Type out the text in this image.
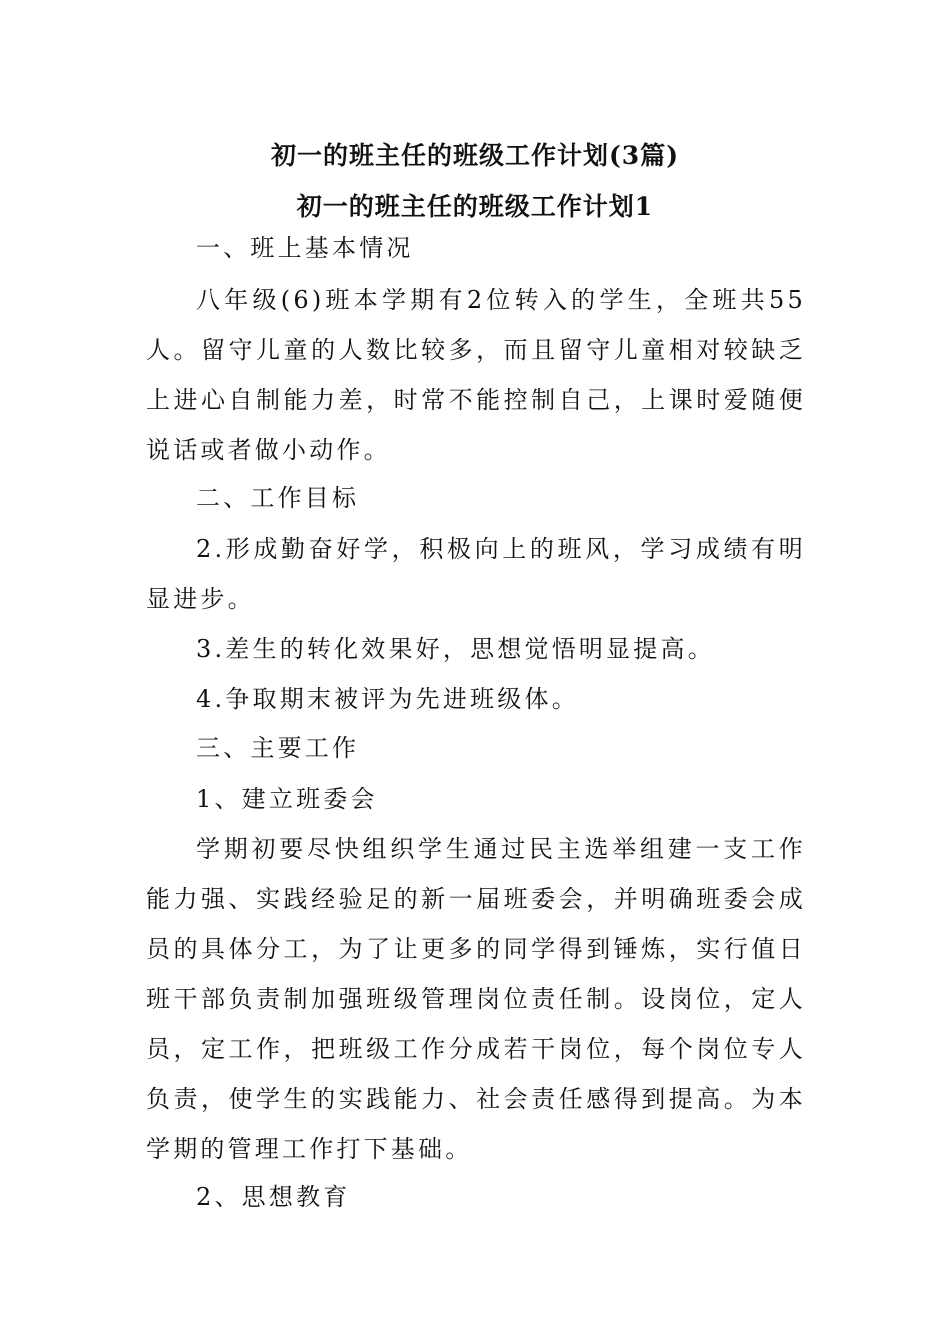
初一的班主任的班级工作计划(3篇)
初一的班主任的班级工作计划1

一、班上基本情况

八年级(6)班本学期有2位转入的学生，全班共55人。留守儿童的人数比较多，而且留守儿童相对较缺乏上进心自制能力差，时常不能控制自己，上课时爱随便说话或者做小动作。

二、工作目标

2.形成勤奋好学，积极向上的班风，学习成绩有明显进步。

3.差生的转化效果好，思想觉悟明显提高。

4.争取期末被评为先进班级体。

三、主要工作

1、建立班委会

学期初要尽快组织学生通过民主选举组建一支工作能力强、实践经验足的新一届班委会，并明确班委会成员的具体分工，为了让更多的同学得到锤炼，实行值日班干部负责制加强班级管理岗位责任制。设岗位，定人员，定工作，把班级工作分成若干岗位，每个岗位专人负责，使学生的实践能力、社会责任感得到提高。为本学期的管理工作打下基础。

2、思想教育
